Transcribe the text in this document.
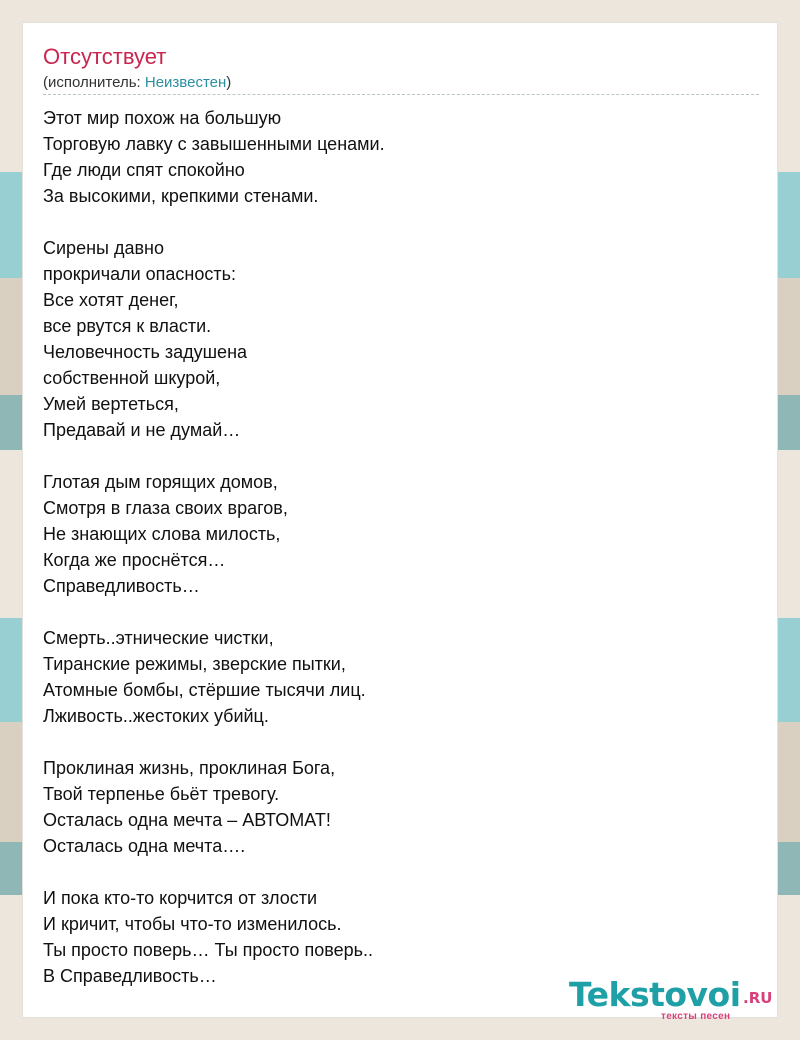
Отсутствует
(исполнитель: Неизвестен)
Этот мир похож на большую
Торговую лавку с завышенными ценами.
Где люди спят спокойно
За высокими, крепкими стенами.
Сирены давно
прокричали опасность:
Все хотят денег,
все рвутся к власти.
Человечность задушена
собственной шкурой,
Умей вертеться,
Предавай и не думай…
Глотая дым горящих домов,
Смотря в глаза своих врагов,
Не знающих слова милость,
Когда же проснётся…
Справедливость…
Смерть..этнические чистки,
Тиранские режимы, зверские пытки,
Атомные бомбы, стёршие тысячи лиц.
Лживость..жестоких убийц.
Проклиная жизнь, проклиная Бога,
Твой терпенье бьёт тревогу.
Осталась одна мечта – АВТОМАТ!
Осталась одна мечта….
И пока кто-то корчится от злости
И кричит, чтобы что-то изменилось.
Ты просто поверь… Ты просто поверь..
В Справедливость…	Tekstovoi .RU
тексты песен
